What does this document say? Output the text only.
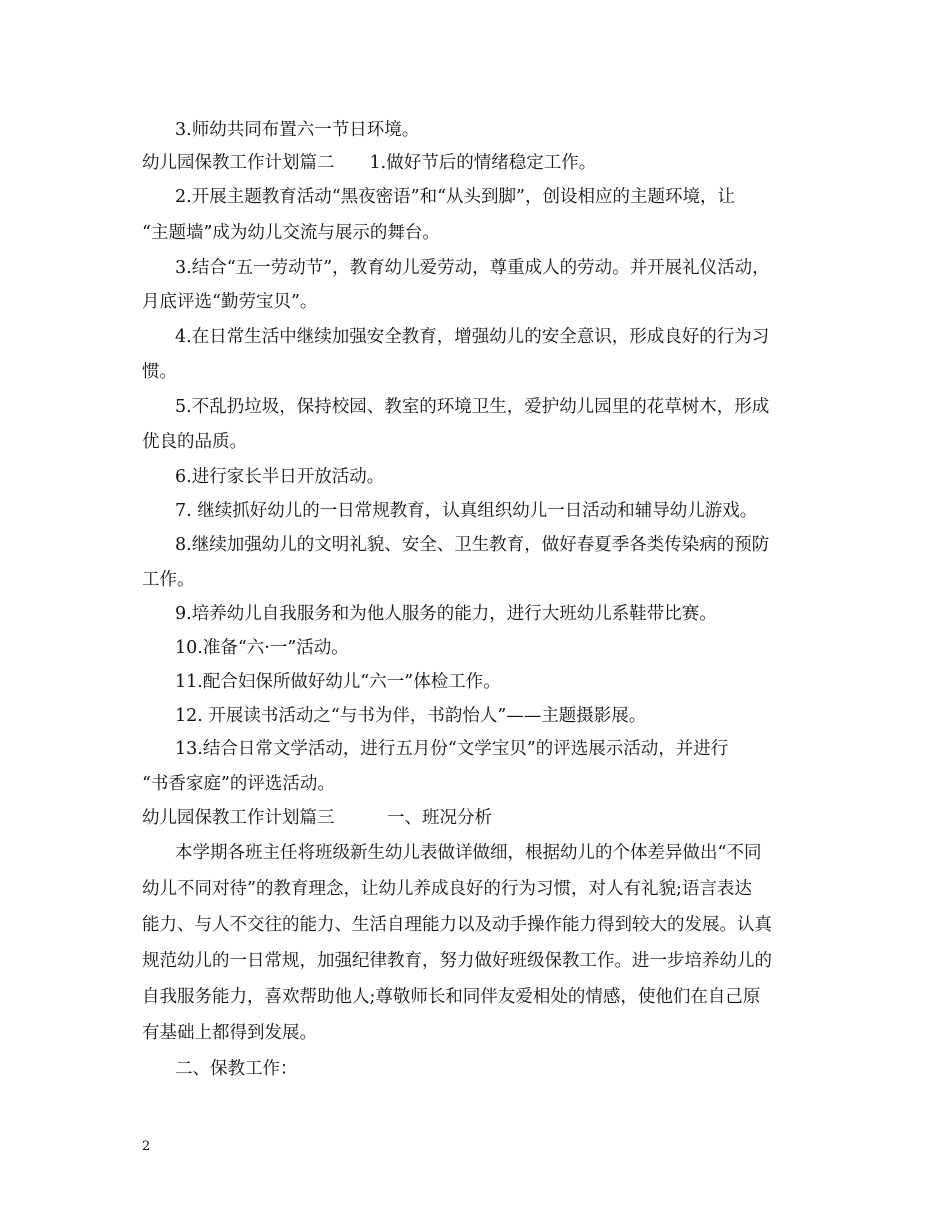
3.师幼共同布置六一节日环境。
幼儿园保教工作计划篇二　　1.做好节后的情绪稳定工作。
2.开展主题教育活动“黑夜密语”和“从头到脚”，创设相应的主题环境，让
“主题墙”成为幼儿交流与展示的舞台。
3.结合“五一劳动节”，教育幼儿爱劳动，尊重成人的劳动。并开展礼仪活动，
月底评选“勤劳宝贝”。
4.在日常生活中继续加强安全教育，增强幼儿的安全意识，形成良好的行为习
惯。
5.不乱扔垃圾，保持校园、教室的环境卫生，爱护幼儿园里的花草树木，形成
优良的品质。
6.进行家长半日开放活动。
7. 继续抓好幼儿的一日常规教育，认真组织幼儿一日活动和辅导幼儿游戏。
8.继续加强幼儿的文明礼貌、安全、卫生教育，做好春夏季各类传染病的预防
工作。
9.培养幼儿自我服务和为他人服务的能力，进行大班幼儿系鞋带比赛。
10.准备“六·一”活动。
11.配合妇保所做好幼儿“六一”体检工作。
12. 开展读书活动之“与书为伴，书韵怡人”——主题摄影展。
13.结合日常文学活动，进行五月份“文学宝贝”的评选展示活动，并进行
“书香家庭”的评选活动。
幼儿园保教工作计划篇三　　　一、班况分析
本学期各班主任将班级新生幼儿表做详做细，根据幼儿的个体差异做出“不同
幼儿不同对待”的教育理念，让幼儿养成良好的行为习惯，对人有礼貌;语言表达
能力、与人不交往的能力、生活自理能力以及动手操作能力得到较大的发展。认真
规范幼儿的一日常规，加强纪律教育，努力做好班级保教工作。进一步培养幼儿的
自我服务能力，喜欢帮助他人;尊敬师长和同伴友爱相处的情感，使他们在自己原
有基础上都得到发展。
二、保教工作：
2
